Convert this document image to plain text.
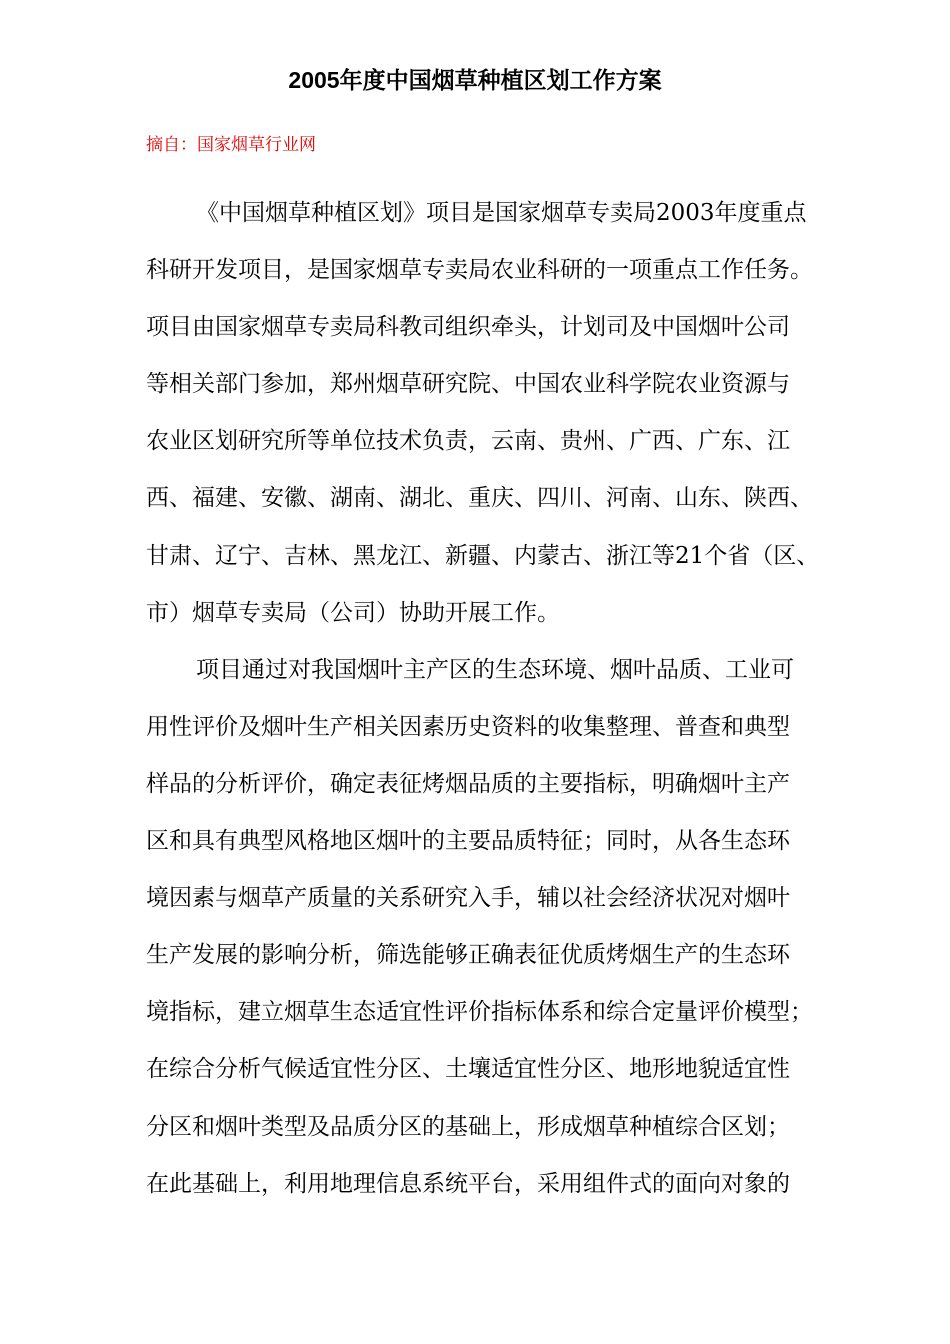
2005年度中国烟草种植区划工作方案
摘自：国家烟草行业网
《中国烟草种植区划》项目是国家烟草专卖局2003年度重点
科研开发项目，是国家烟草专卖局农业科研的一项重点工作任务。
项目由国家烟草专卖局科教司组织牵头，计划司及中国烟叶公司
等相关部门参加，郑州烟草研究院、中国农业科学院农业资源与
农业区划研究所等单位技术负责，云南、贵州、广西、广东、江
西、福建、安徽、湖南、湖北、重庆、四川、河南、山东、陕西、
甘肃、辽宁、吉林、黑龙江、新疆、内蒙古、浙江等21个省（区、
市）烟草专卖局（公司）协助开展工作。
项目通过对我国烟叶主产区的生态环境、烟叶品质、工业可
用性评价及烟叶生产相关因素历史资料的收集整理、普查和典型
样品的分析评价，确定表征烤烟品质的主要指标，明确烟叶主产
区和具有典型风格地区烟叶的主要品质特征；同时，从各生态环
境因素与烟草产质量的关系研究入手，辅以社会经济状况对烟叶
生产发展的影响分析，筛选能够正确表征优质烤烟生产的生态环
境指标，建立烟草生态适宜性评价指标体系和综合定量评价模型；
在综合分析气候适宜性分区、土壤适宜性分区、地形地貌适宜性
分区和烟叶类型及品质分区的基础上，形成烟草种植综合区划；
在此基础上，利用地理信息系统平台，采用组件式的面向对象的
